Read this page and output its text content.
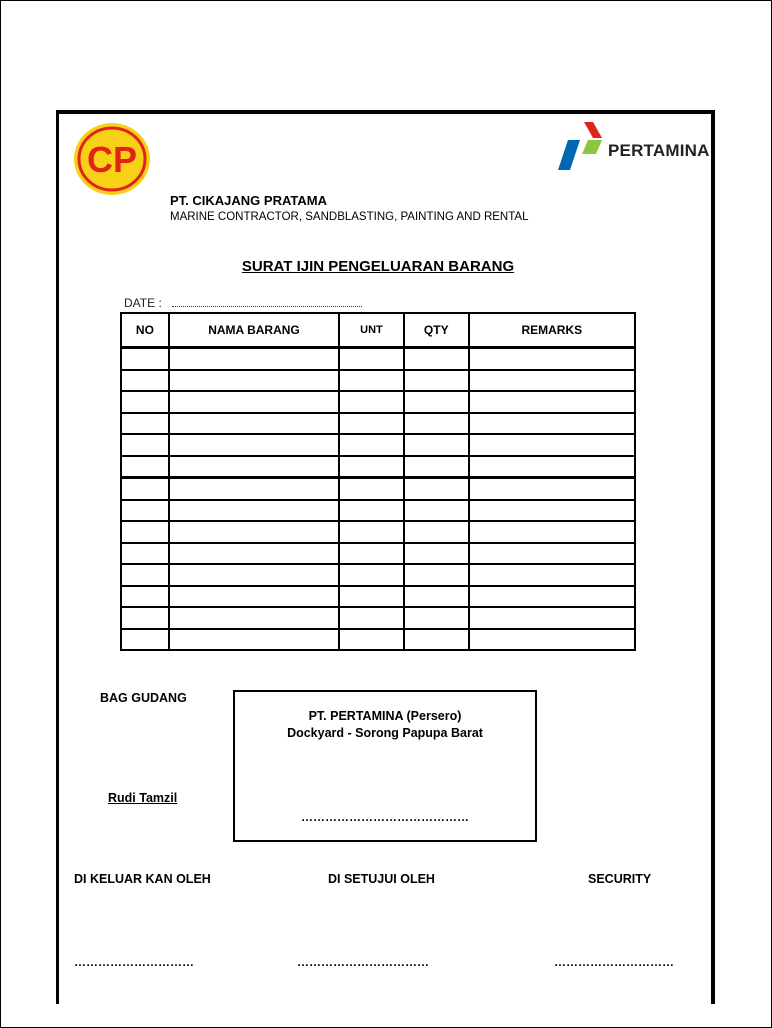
CP	PERTAMINA
PT. CIKAJANG PRATAMA
MARINE CONTRACTOR, SANDBLASTING, PAINTING AND RENTAL
SURAT IJIN PENGELUARAN BARANG
DATE :
NO	NAMA BARANG	UNT	QTY	REMARKS

BAG GUDANG
Rudi Tamzil
PT. PERTAMINA (Persero)
Dockyard - Sorong Papupa Barat
……………………………………
DI KELUAR KAN OLEH	DI SETUJUI OLEH	SECURITY
…………………………	……………………………	…………………………
